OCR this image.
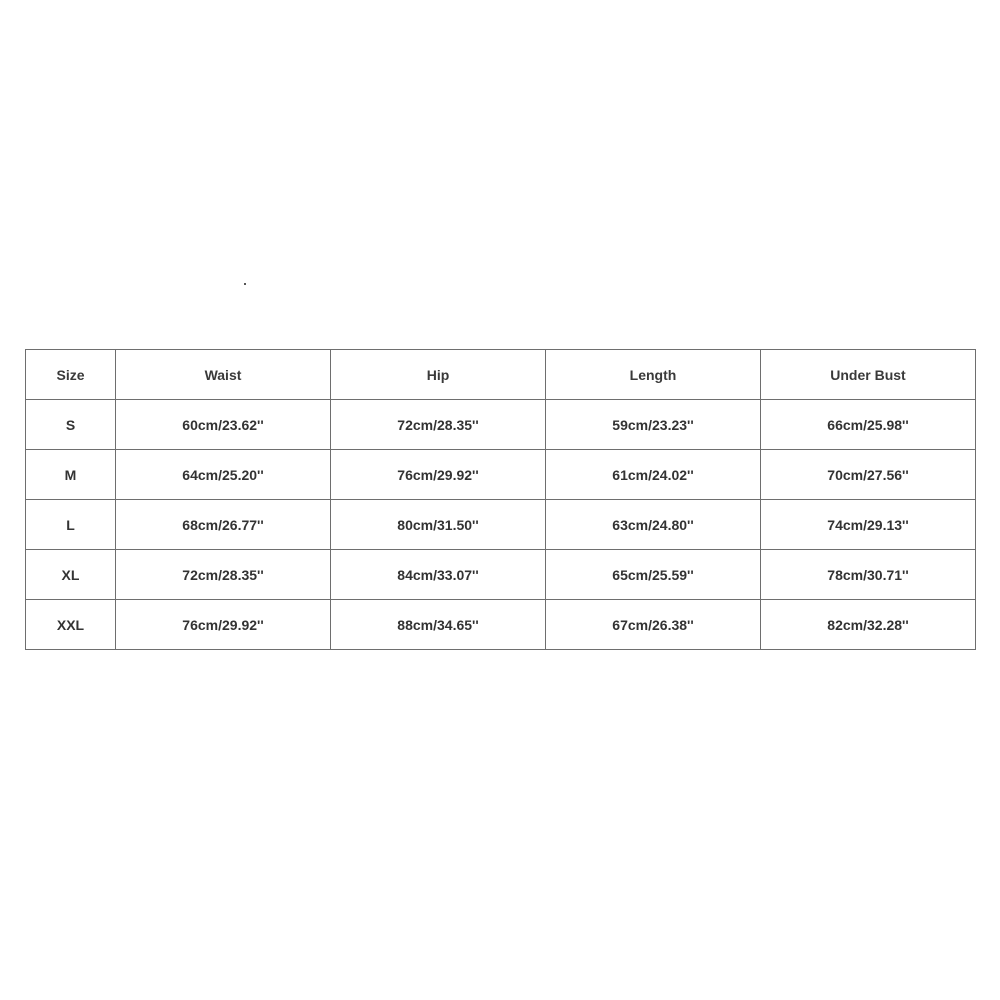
Size	Waist	Hip	Length	Under Bust
S	60cm/23.62''	72cm/28.35''	59cm/23.23''	66cm/25.98''
M	64cm/25.20''	76cm/29.92''	61cm/24.02''	70cm/27.56''
L	68cm/26.77''	80cm/31.50''	63cm/24.80''	74cm/29.13''
XL	72cm/28.35''	84cm/33.07''	65cm/25.59''	78cm/30.71''
XXL	76cm/29.92''	88cm/34.65''	67cm/26.38''	82cm/32.28''
